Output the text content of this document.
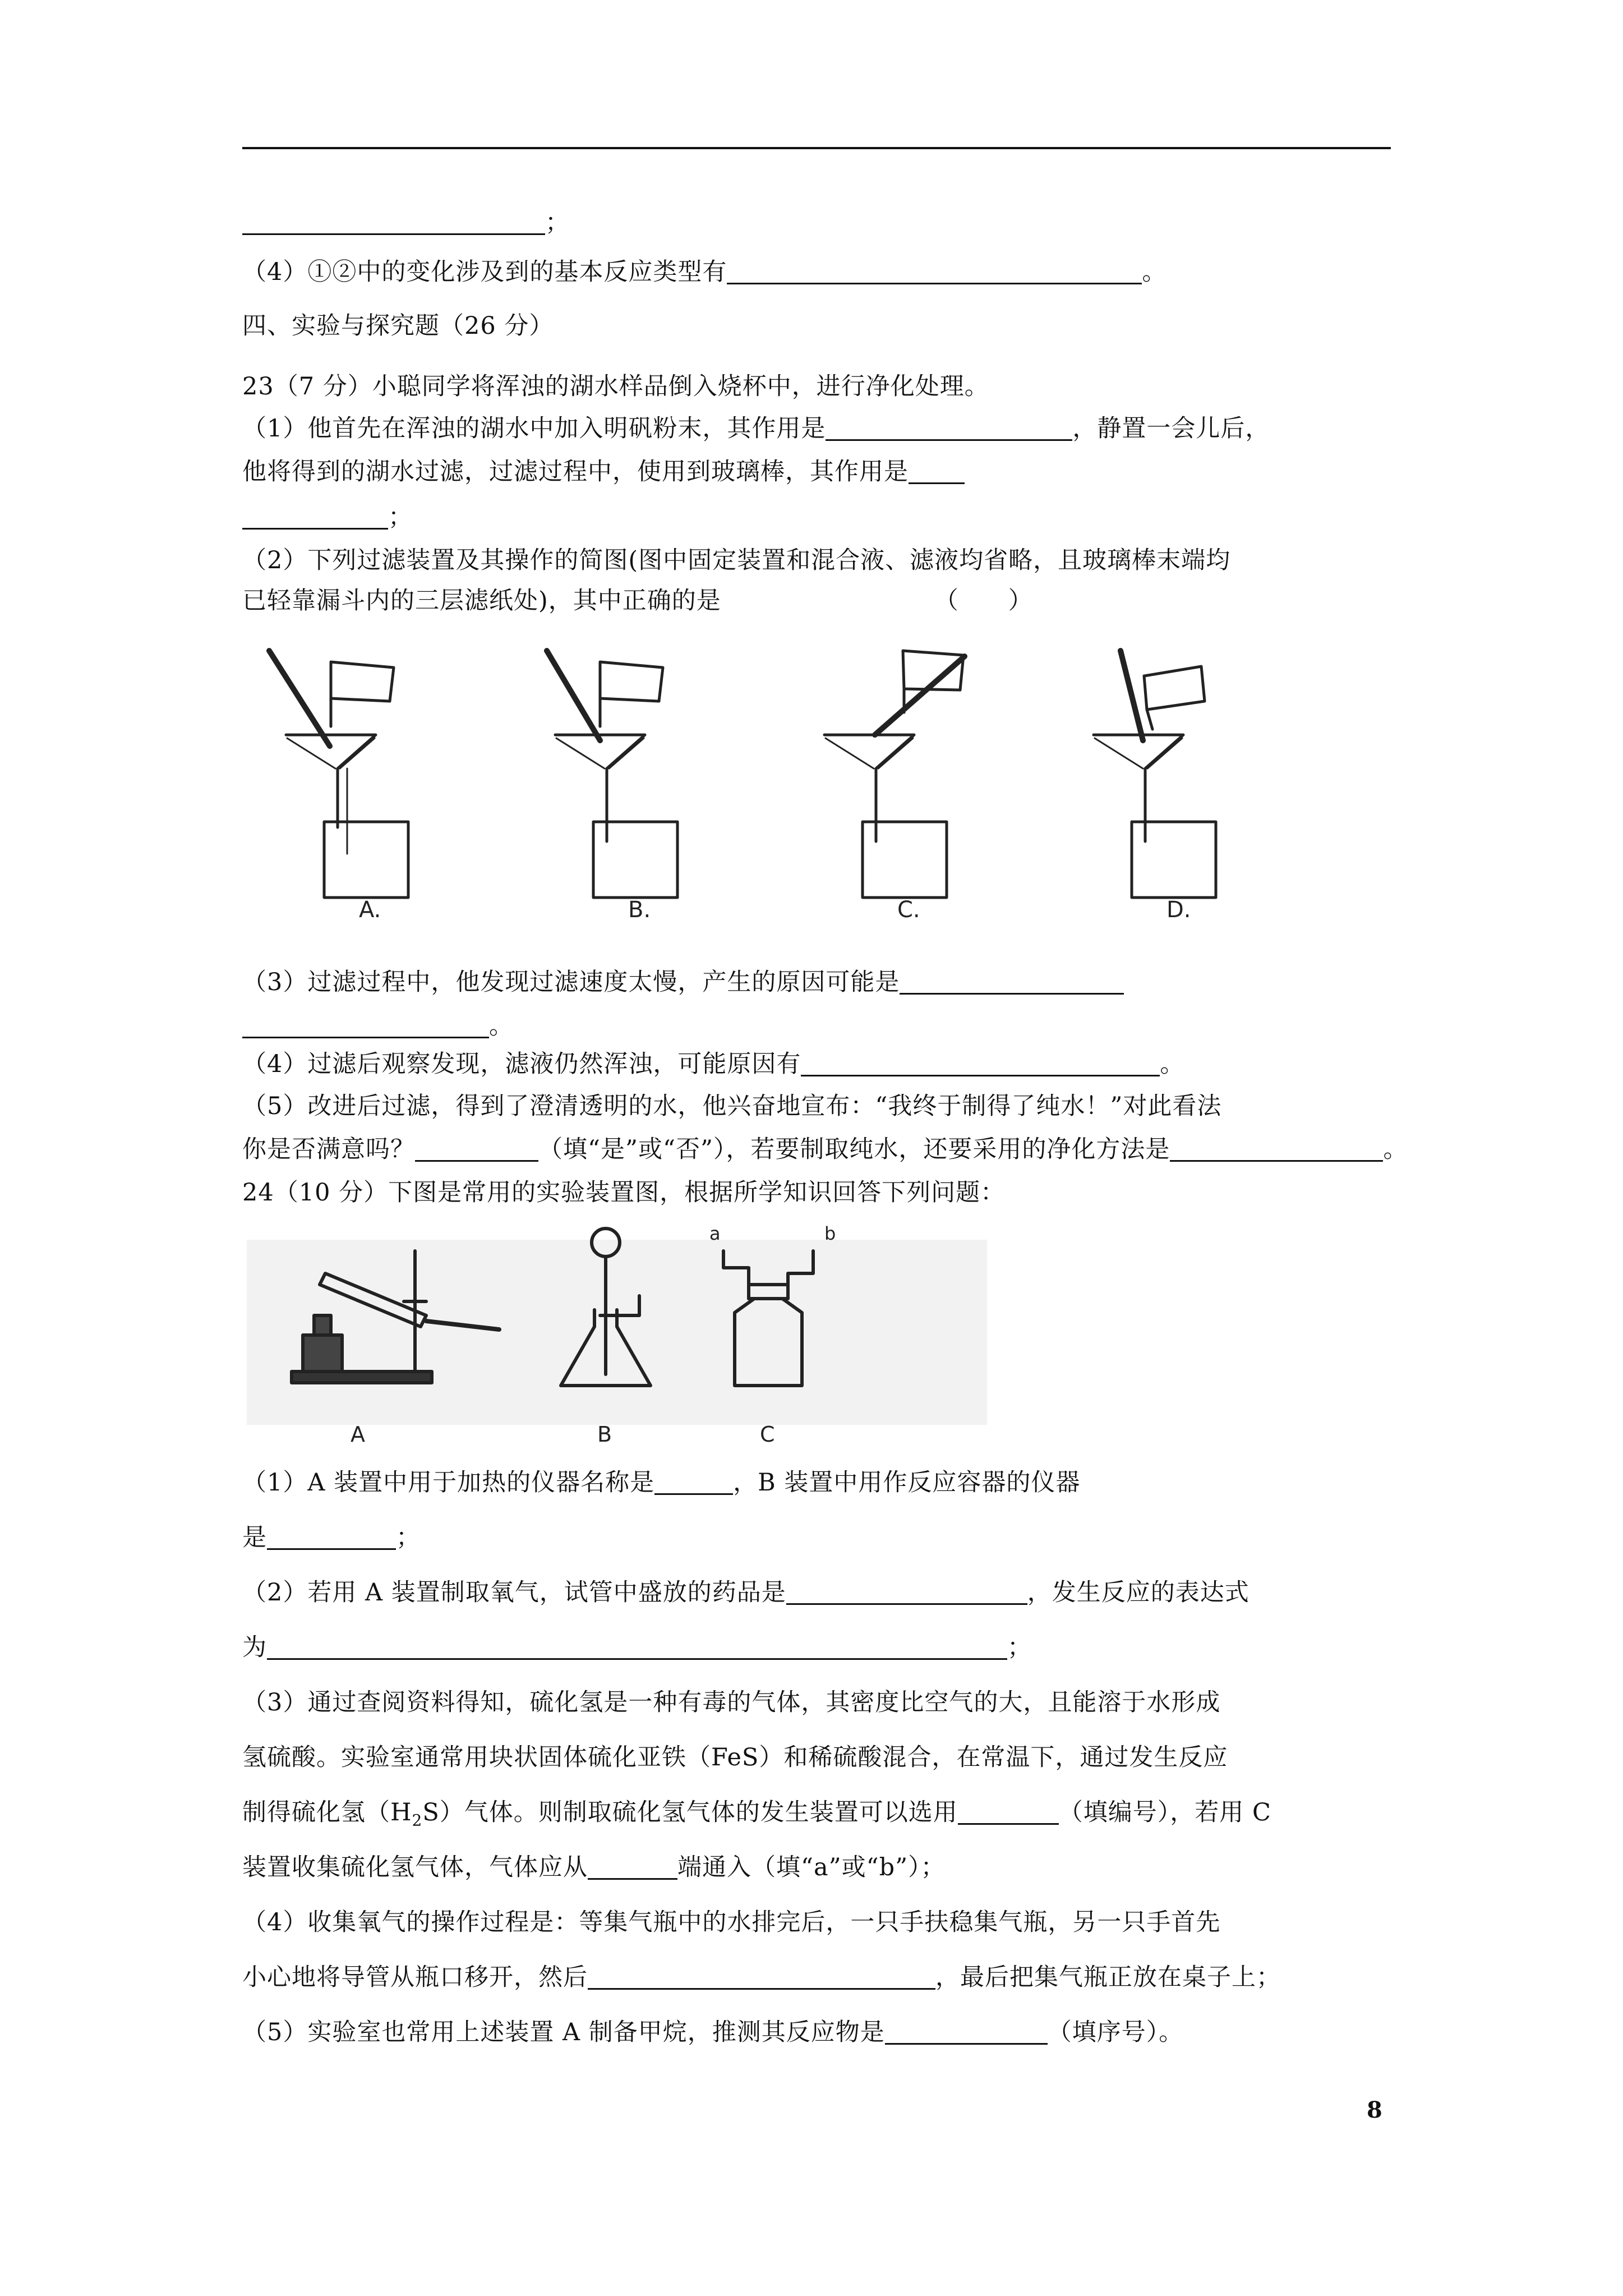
；
（4）①②中的变化涉及到的基本反应类型有	。
四、实验与探究题（26 分）
23（7 分）小聪同学将浑浊的湖水样品倒入烧杯中，进行净化处理。
（1）他首先在浑浊的湖水中加入明矾粉末，其作用是	，静置一会儿后，
他将得到的湖水过滤，过滤过程中，使用到玻璃棒，其作用是
；
（2）下列过滤装置及其操作的简图(图中固定装置和混合液、滤液均省略，且玻璃棒末端均
已轻靠漏斗内的三层滤纸处)，其中正确的是	（　　）
A.	B.	C.	D.
（3）过滤过程中，他发现过滤速度太慢，产生的原因可能是
。
（4）过滤后观察发现，滤液仍然浑浊，可能原因有	。
（5）改进后过滤，得到了澄清透明的水，他兴奋地宣布：“我终于制得了纯水！”对此看法
你是否满意吗？	（填“是”或“否”），若要制取纯水，还要采用的净化方法是	。
24（10 分）下图是常用的实验装置图，根据所学知识回答下列问题：
a	b
A	B	C
（1）A 装置中用于加热的仪器名称是	，B 装置中用作反应容器的仪器
是	；
（2）若用 A 装置制取氧气，试管中盛放的药品是	，发生反应的表达式
为	；
（3）通过查阅资料得知，硫化氢是一种有毒的气体，其密度比空气的大，且能溶于水形成
氢硫酸。实验室通常用块状固体硫化亚铁（FeS）和稀硫酸混合，在常温下，通过发生反应
制得硫化氢$(H_2S)$气体。则制取硫化氢气体的发生装置可以选用	（填编号），若用 C
装置收集硫化氢气体，气体应从	端通入（填“a”或“b”）；
（4）收集氧气的操作过程是：等集气瓶中的水排完后，一只手扶稳集气瓶，另一只手首先
小心地将导管从瓶口移开，然后	，最后把集气瓶正放在桌子上；
（5）实验室也常用上述装置 A 制备甲烷，推测其反应物是	（填序号）。
8
